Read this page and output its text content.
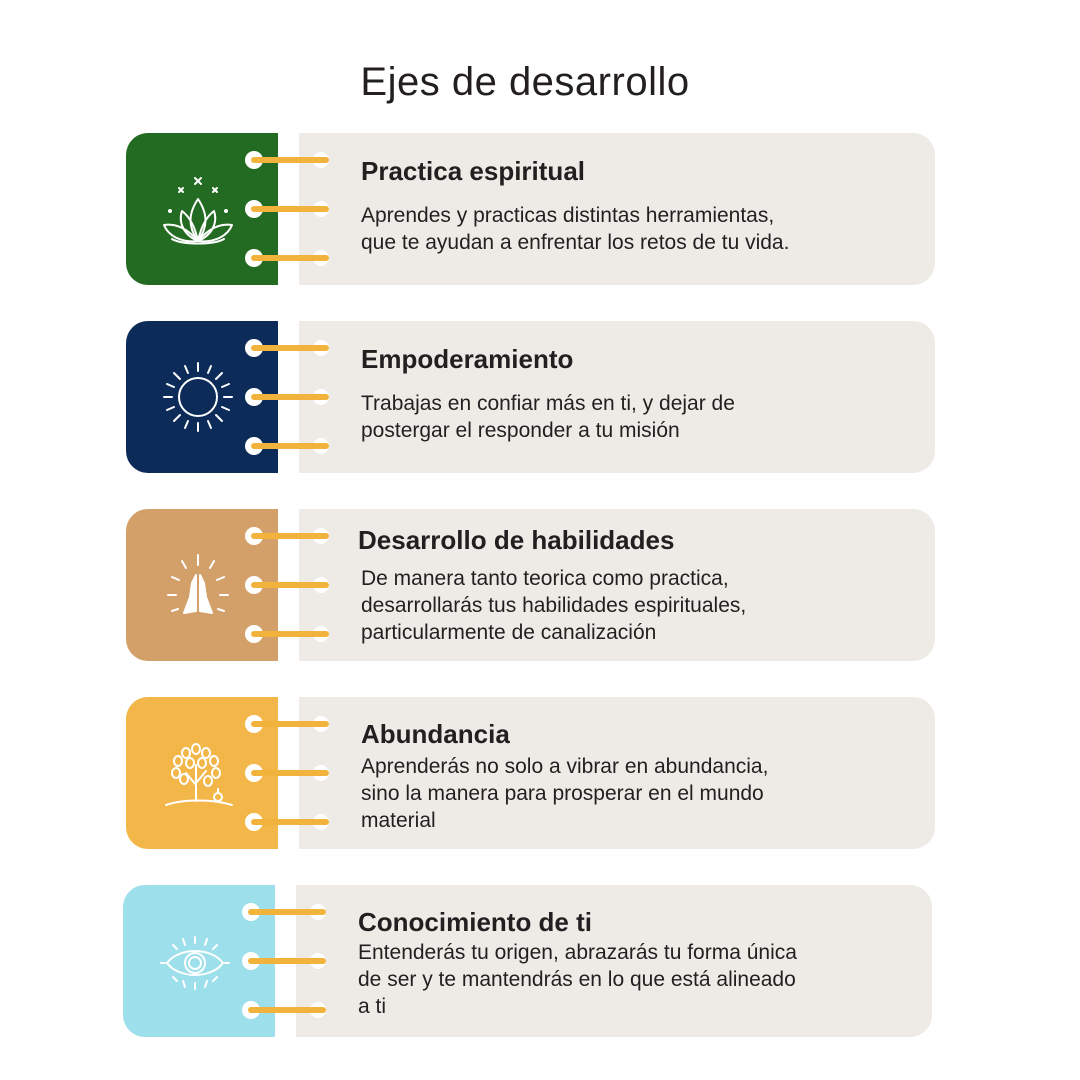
Ejes de desarrollo
Practica espiritual
Aprendes y practicas distintas herramientas,
que te ayudan a enfrentar los retos de tu vida.
Empoderamiento
Trabajas en confiar más en ti, y dejar de
postergar el responder a tu misión
Desarrollo de habilidades
De manera tanto teorica como practica,
desarrollarás tus habilidades espirituales,
particularmente de canalización
Abundancia
Aprenderás no solo a vibrar en abundancia,
sino la manera para prosperar en el mundo
material
Conocimiento de ti
Entenderás tu origen, abrazarás tu forma única
de ser y te mantendrás en lo que está alineado
a ti
